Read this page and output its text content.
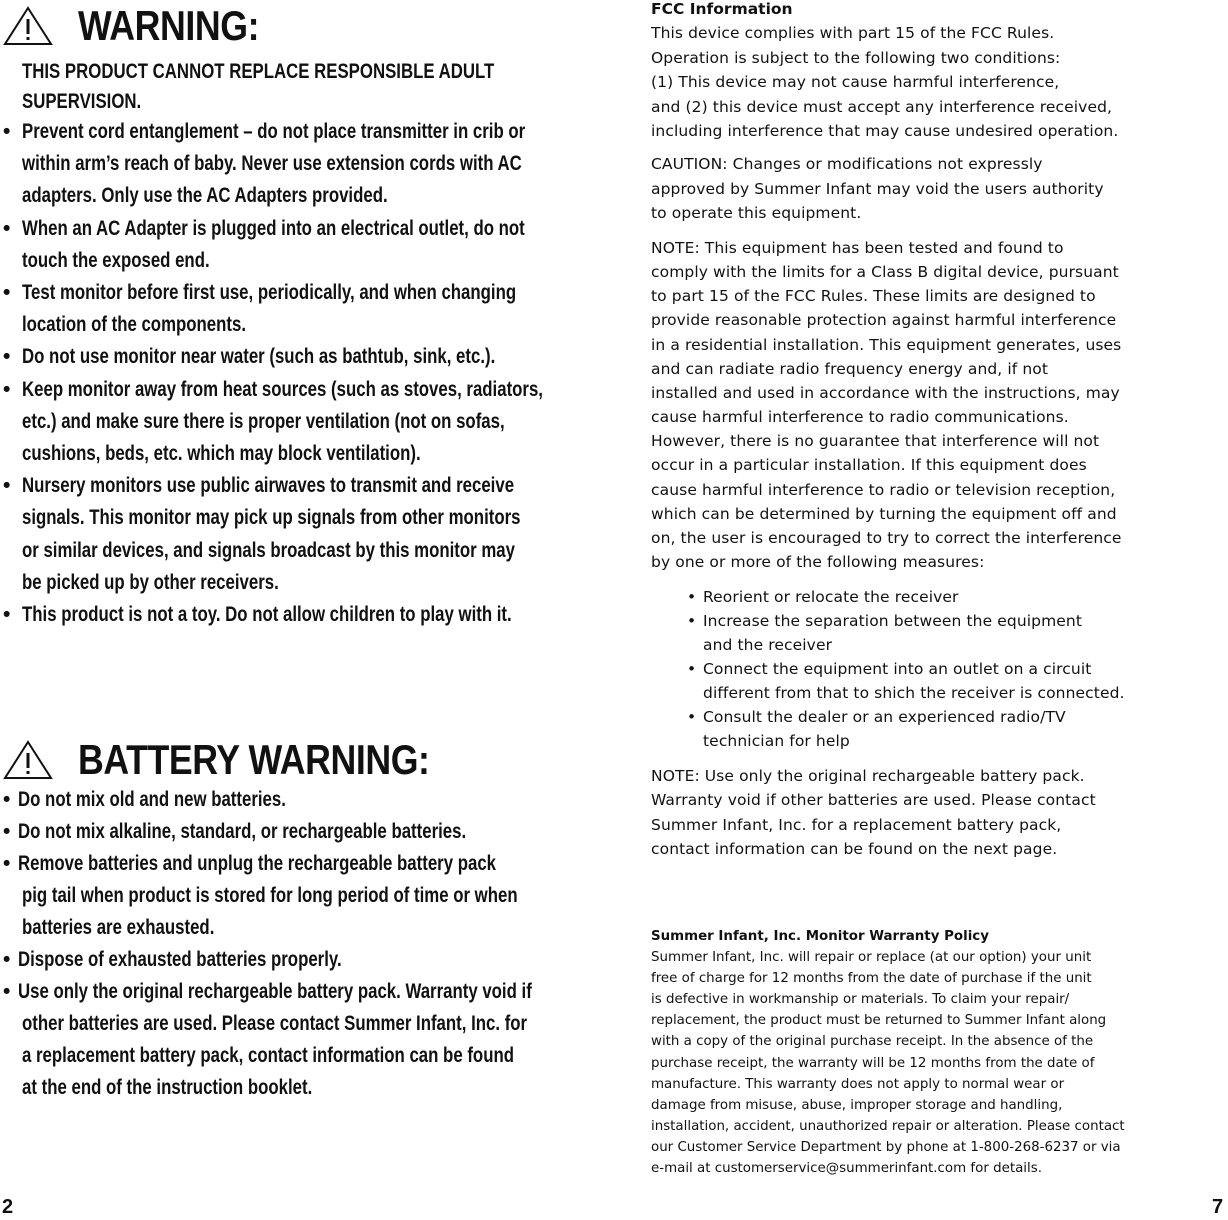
WARNING:
THIS PRODUCT CANNOT REPLACE RESPONSIBLE ADULT
SUPERVISION.
• Prevent cord entanglement – do not place transmitter in crib or
within arm’s reach of baby. Never use extension cords with AC
adapters. Only use the AC Adapters provided.
• When an AC Adapter is plugged into an electrical outlet, do not
touch the exposed end.
• Test monitor before first use, periodically, and when changing
location of the components.
• Do not use monitor near water (such as bathtub, sink, etc.).
• Keep monitor away from heat sources (such as stoves, radiators,
etc.) and make sure there is proper ventilation (not on sofas,
cushions, beds, etc. which may block ventilation).
• Nursery monitors use public airwaves to transmit and receive
signals. This monitor may pick up signals from other monitors
or similar devices, and signals broadcast by this monitor may
be picked up by other receivers.
• This product is not a toy. Do not allow children to play with it.
BATTERY WARNING:
• Do not mix old and new batteries.
• Do not mix alkaline, standard, or rechargeable batteries.
• Remove batteries and unplug the rechargeable battery pack
pig tail when product is stored for long period of time or when
batteries are exhausted.
• Dispose of exhausted batteries properly.
• Use only the original rechargeable battery pack. Warranty void if
other batteries are used. Please contact Summer Infant, Inc. for
a replacement battery pack, contact information can be found
at the end of the instruction booklet.
2
FCC Information
This device complies with part 15 of the FCC Rules.
Operation is subject to the following two conditions:
(1) This device may not cause harmful interference,
and (2) this device must accept any interference received,
including interference that may cause undesired operation.
CAUTION: Changes or modifications not expressly
approved by Summer Infant may void the users authority
to operate this equipment.
NOTE: This equipment has been tested and found to
comply with the limits for a Class B digital device, pursuant
to part 15 of the FCC Rules. These limits are designed to
provide reasonable protection against harmful interference
in a residential installation. This equipment generates, uses
and can radiate radio frequency energy and, if not
installed and used in accordance with the instructions, may
cause harmful interference to radio communications.
However, there is no guarantee that interference will not
occur in a particular installation. If this equipment does
cause harmful interference to radio or television reception,
which can be determined by turning the equipment off and
on, the user is encouraged to try to correct the interference
by one or more of the following measures:
• Reorient or relocate the receiver
• Increase the separation between the equipment
and the receiver
• Connect the equipment into an outlet on a circuit
different from that to shich the receiver is connected.
• Consult the dealer or an experienced radio/TV
technician for help
NOTE: Use only the original rechargeable battery pack.
Warranty void if other batteries are used. Please contact
Summer Infant, Inc. for a replacement battery pack,
contact information can be found on the next page.
Summer Infant, Inc. Monitor Warranty Policy
Summer Infant, Inc. will repair or replace (at our option) your unit
free of charge for 12 months from the date of purchase if the unit
is defective in workmanship or materials. To claim your repair/
replacement, the product must be returned to Summer Infant along
with a copy of the original purchase receipt. In the absence of the
purchase receipt, the warranty will be 12 months from the date of
manufacture. This warranty does not apply to normal wear or
damage from misuse, abuse, improper storage and handling,
installation, accident, unauthorized repair or alteration. Please contact
our Customer Service Department by phone at 1-800-268-6237 or via
e-mail at customerservice@summerinfant.com for details.
7
